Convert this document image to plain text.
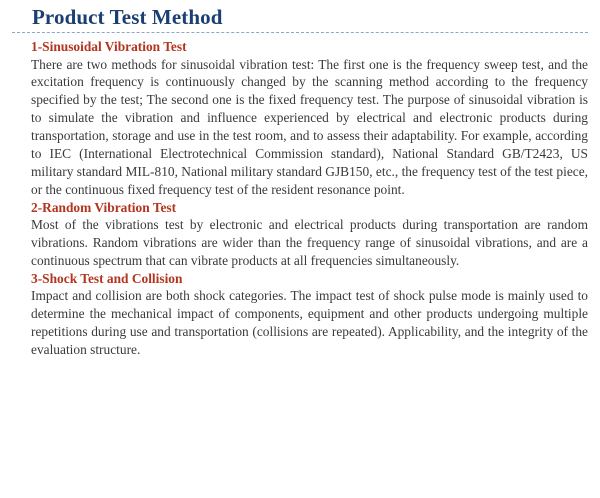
Product Test Method
1-Sinusoidal Vibration Test

There are two methods for sinusoidal vibration test: The first one is the frequency sweep test, and the excitation frequency is continuously changed by the scanning method according to the frequency specified by the test; The second one is the fixed frequency test. The purpose of sinusoidal vibration is to simulate the vibration and influence experienced by electrical and electronic products during transportation, storage and use in the test room, and to assess their adaptability. For example, according to IEC (International Electrotechnical Commission standard), National Standard GB/T2423, US military standard MIL-810, National military standard GJB150, etc., the frequency test of the test piece, or the continuous fixed frequency test of the resident resonance point.

2-Random Vibration Test

Most of the vibrations test by electronic and electrical products during transportation are random vibrations. Random vibrations are wider than the frequency range of sinusoidal vibrations, and are a continuous spectrum that can vibrate products at all frequencies simultaneously.

3-Shock Test and Collision

Impact and collision are both shock categories. The impact test of shock pulse mode is mainly used to determine the mechanical impact of components, equipment and other products undergoing multiple repetitions during use and transportation (collisions are repeated). Applicability, and the integrity of the evaluation structure.
